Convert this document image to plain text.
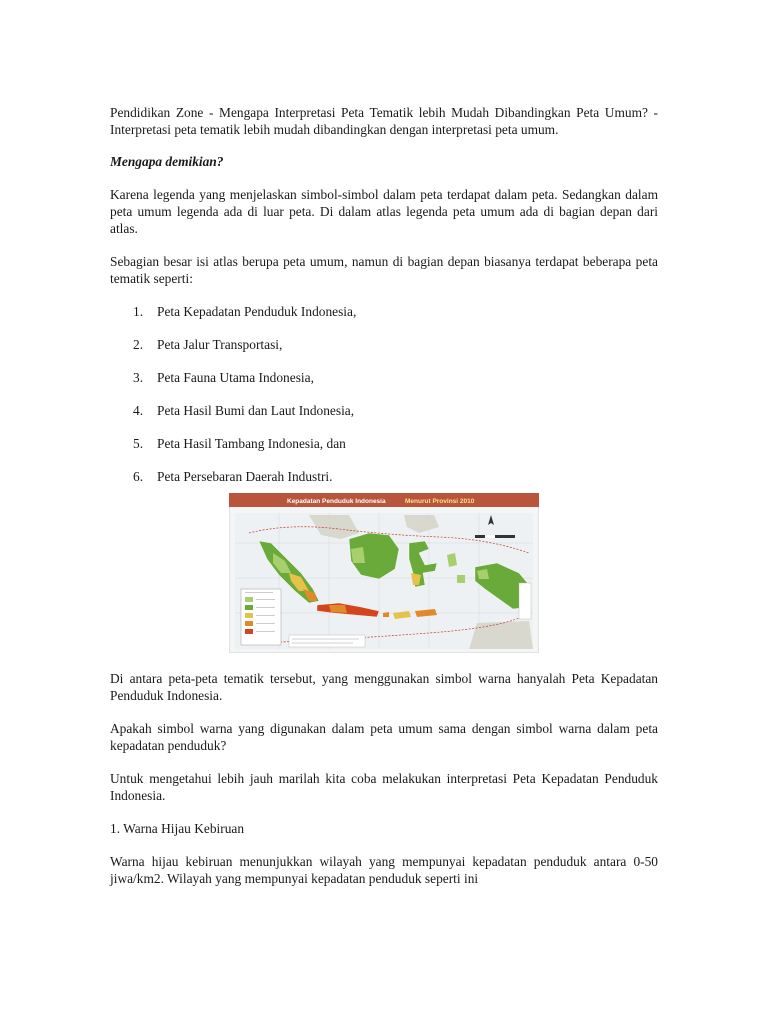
Pendidikan Zone - Mengapa Interpretasi Peta Tematik lebih Mudah Dibandingkan Peta Umum? - Interpretasi peta tematik lebih mudah dibandingkan dengan interpretasi peta umum.

Mengapa demikian?

Karena legenda yang menjelaskan simbol-simbol dalam peta terdapat dalam peta. Sedangkan dalam peta umum legenda ada di luar peta. Di dalam atlas legenda peta umum ada di bagian depan dari atlas.

Sebagian besar isi atlas berupa peta umum, namun di bagian depan biasanya terdapat beberapa peta tematik seperti:

1. Peta Kepadatan Penduduk Indonesia,
2. Peta Jalur Transportasi,
3. Peta Fauna Utama Indonesia,
4. Peta Hasil Bumi dan Laut Indonesia,
5. Peta Hasil Tambang Indonesia, dan
6. Peta Persebaran Daerah Industri.
Kepadatan Penduduk Indonesia	Menurut Provinsi 2010

Di antara peta-peta tematik tersebut, yang menggunakan simbol warna hanyalah Peta Kepadatan Penduduk Indonesia.

Apakah simbol warna yang digunakan dalam peta umum sama dengan simbol warna dalam peta kepadatan penduduk?

Untuk mengetahui lebih jauh marilah kita coba melakukan interpretasi Peta Kepadatan Penduduk Indonesia.

1. Warna Hijau Kebiruan

Warna hijau kebiruan menunjukkan wilayah yang mempunyai kepadatan penduduk antara 0-50 jiwa/km2. Wilayah yang mempunyai kepadatan penduduk seperti ini
